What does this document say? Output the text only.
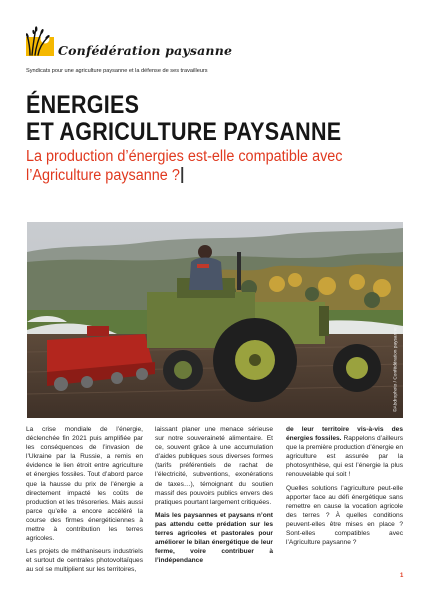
Confédération paysanne
Syndicats pour une agriculture paysanne et la défense de ses travailleurs
ÉNERGIES
ET AGRICULTURE PAYSANNE
La production d’énergies est-elle compatible avec
l’Agriculture paysanne ?
©Abdrophoto / Confédération paysanne

La crise mondiale de l’énergie, déclenchée fin 2021 puis amplifiée par les conséquences de l’invasion de l’Ukraine par la Russie, a remis en évidence le lien étroit entre agriculture et énergies fossiles. Tout d’abord parce que la hausse du prix de l’énergie a directement impacté les coûts de production et les trésoreries. Mais aussi parce qu’elle a encore accéléré la course des firmes énergéticiennes à mettre à contribution les terres agricoles.

Les projets de méthaniseurs industriels et surtout de centrales photovoltaïques au sol se multiplient sur les territoires,

laissant planer une menace sérieuse sur notre souveraineté alimentaire. Et ce, souvent grâce à une accumulation d’aides publiques sous diverses formes (tarifs préférentiels de rachat de l’électricité, subventions, exonérations de taxes…), témoignant du soutien massif des pouvoirs publics envers des pratiques pourtant largement critiquées.

Mais les paysannes et paysans n’ont pas attendu cette prédation sur les terres agricoles et pastorales pour améliorer le bilan énergétique de leur ferme, voire contribuer à l’indépendance

de leur territoire vis-à-vis des énergies fossiles. Rappelons d’ailleurs que la première production d’énergie en agriculture est assurée par la photosynthèse, qui est l’énergie la plus renouvelable qui soit !

Quelles solutions l’agriculture peut-elle apporter face au défi énergétique sans remettre en cause la vocation agricole des terres ? À quelles conditions peuvent-elles être mises en place ? Sont-elles compatibles avec l’Agriculture paysanne ?

1
